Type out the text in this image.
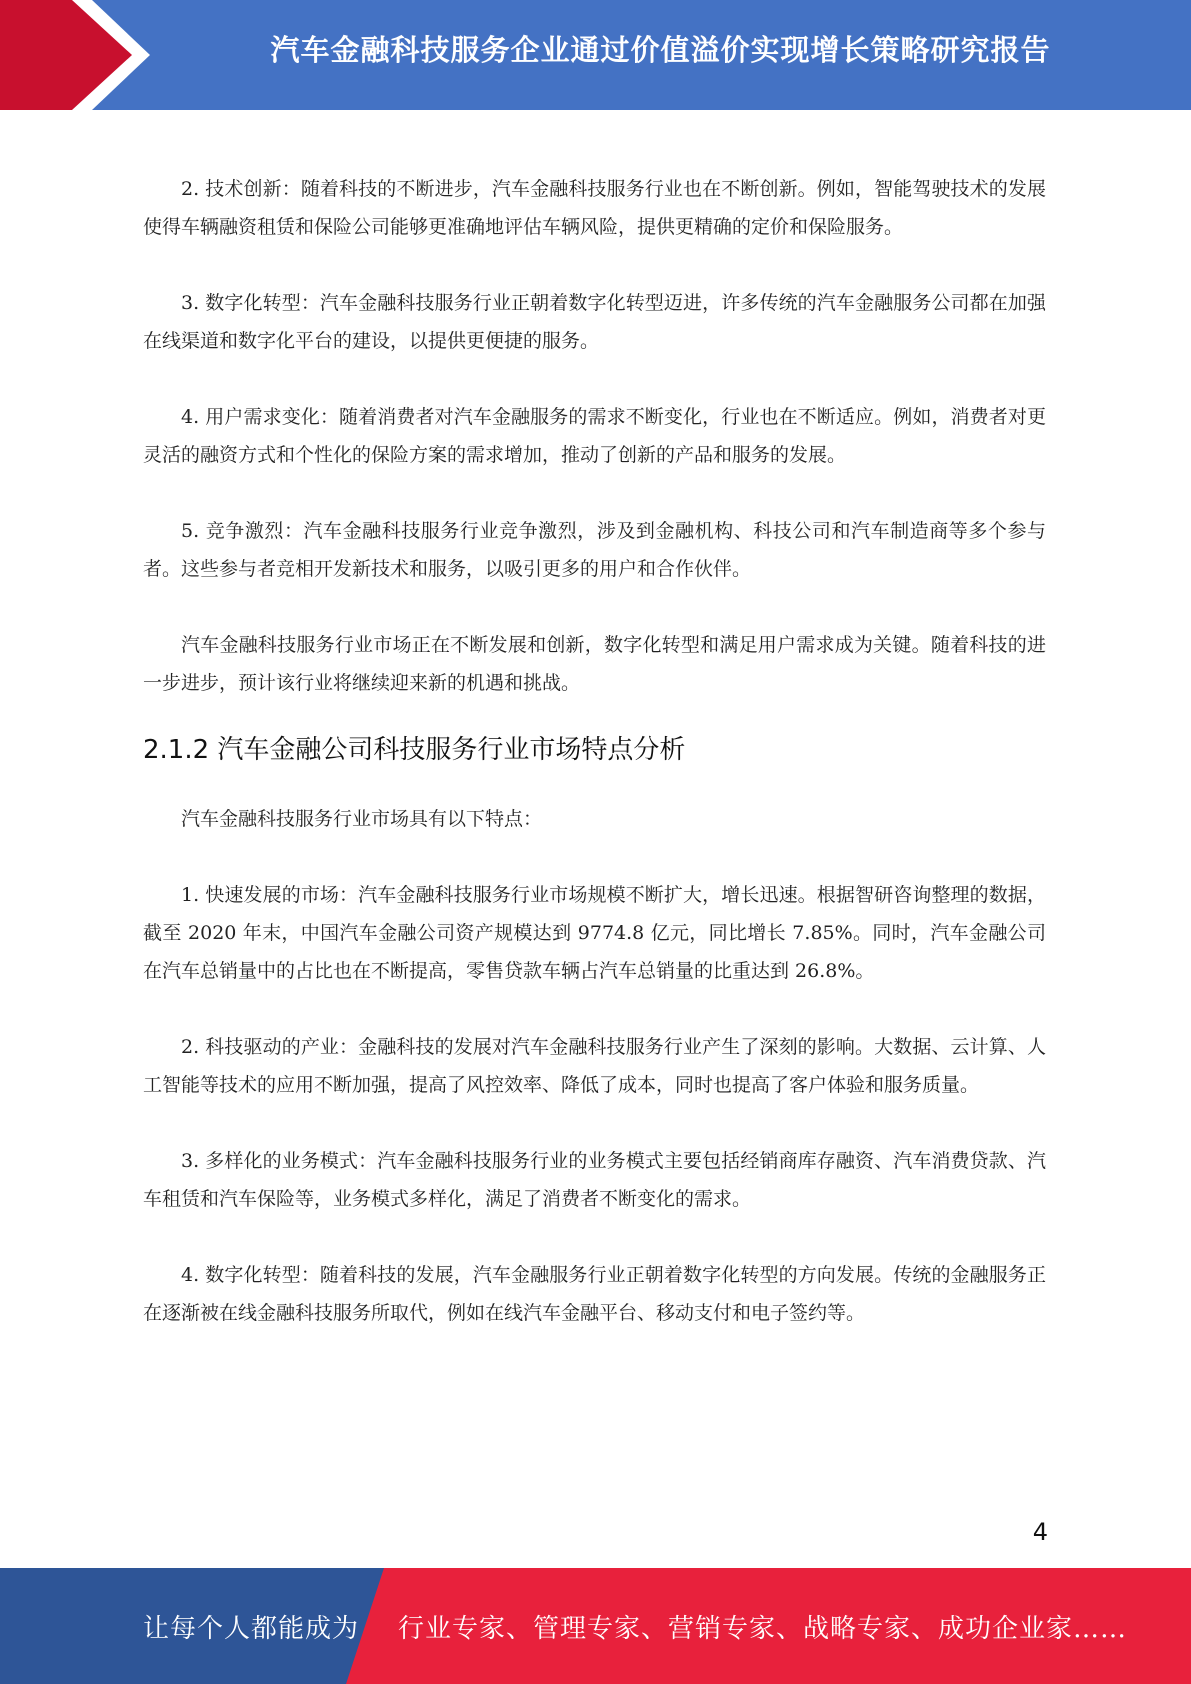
汽车金融科技服务企业通过价值溢价实现增长策略研究报告

2. 技术创新：随着科技的不断进步，汽车金融科技服务行业也在不断创新。例如，智能驾驶技术的发展使得车辆融资租赁和保险公司能够更准确地评估车辆风险，提供更精确的定价和保险服务。

3. 数字化转型：汽车金融科技服务行业正朝着数字化转型迈进，许多传统的汽车金融服务公司都在加强在线渠道和数字化平台的建设，以提供更便捷的服务。

4. 用户需求变化：随着消费者对汽车金融服务的需求不断变化，行业也在不断适应。例如，消费者对更灵活的融资方式和个性化的保险方案的需求增加，推动了创新的产品和服务的发展。

5. 竞争激烈：汽车金融科技服务行业竞争激烈，涉及到金融机构、科技公司和汽车制造商等多个参与者。这些参与者竞相开发新技术和服务，以吸引更多的用户和合作伙伴。

汽车金融科技服务行业市场正在不断发展和创新，数字化转型和满足用户需求成为关键。随着科技的进一步进步，预计该行业将继续迎来新的机遇和挑战。

2.1.2 汽车金融公司科技服务行业市场特点分析

汽车金融科技服务行业市场具有以下特点：

1. 快速发展的市场：汽车金融科技服务行业市场规模不断扩大，增长迅速。根据智研咨询整理的数据，截至 2020 年末，中国汽车金融公司资产规模达到 9774.8 亿元，同比增长 7.85%。同时，汽车金融公司在汽车总销量中的占比也在不断提高，零售贷款车辆占汽车总销量的比重达到 26.8%。

2. 科技驱动的产业：金融科技的发展对汽车金融科技服务行业产生了深刻的影响。大数据、云计算、人工智能等技术的应用不断加强，提高了风控效率、降低了成本，同时也提高了客户体验和服务质量。

3. 多样化的业务模式：汽车金融科技服务行业的业务模式主要包括经销商库存融资、汽车消费贷款、汽车租赁和汽车保险等，业务模式多样化，满足了消费者不断变化的需求。

4. 数字化转型：随着科技的发展，汽车金融服务行业正朝着数字化转型的方向发展。传统的金融服务正在逐渐被在线金融科技服务所取代，例如在线汽车金融平台、移动支付和电子签约等。

4
让每个人都能成为 行业专家、管理专家、营销专家、战略专家、成功企业家……
